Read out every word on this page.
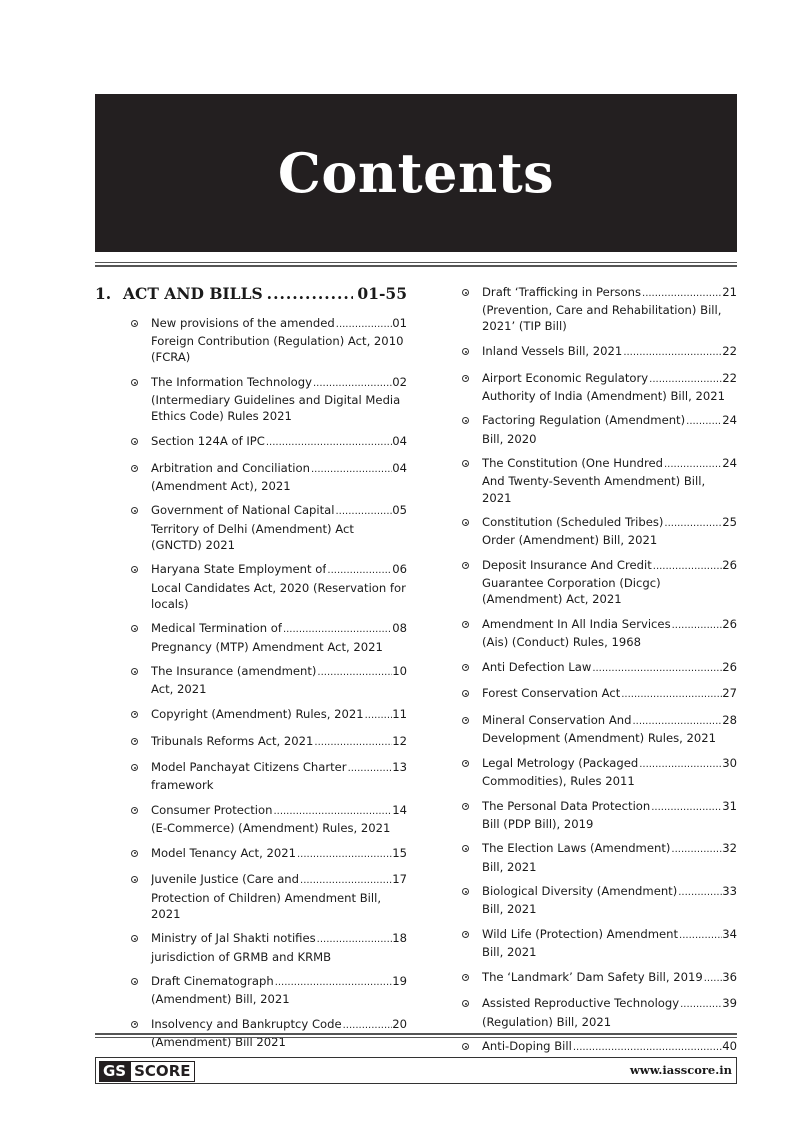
Contents
1. ACT AND BILLS .....	01-55
New provisions of the amended .....	01
Foreign Contribution (Regulation) Act, 2010 (FCRA)
The Information Technology .....	02
(Intermediary Guidelines and Digital Media Ethics Code) Rules 2021
Section 124A of IPC .....	04
Arbitration and Conciliation .....	04
(Amendment Act), 2021
Government of National Capital .....	05
Territory of Delhi (Amendment) Act (GNCTD) 2021
Haryana State Employment of .....	06
Local Candidates Act, 2020 (Reservation for locals)
Medical Termination of .....	08
Pregnancy (MTP) Amendment Act, 2021
The Insurance (amendment) .....	10
Act, 2021
Copyright (Amendment) Rules, 2021 ..... 11
Tribunals Reforms Act, 2021 .....	12
Model Panchayat Citizens Charter .....	13
framework
Consumer Protection .....	14
(E-Commerce) (Amendment) Rules, 2021
Model Tenancy Act, 2021 .....	15
Juvenile Justice (Care and .....	17
Protection of Children) Amendment Bill, 2021
Ministry of Jal Shakti notifies .....	18
jurisdiction of GRMB and KRMB
Draft Cinematograph .....	19
(Amendment) Bill, 2021
Insolvency and Bankruptcy Code .....	20
(Amendment) Bill 2021
Draft ‘Trafficking in Persons .....	21
(Prevention, Care and Rehabilitation) Bill, 2021’ (TIP Bill)
Inland Vessels Bill, 2021 .....	22
Airport Economic Regulatory .....	22
Authority of India (Amendment) Bill, 2021
Factoring Regulation (Amendment) .....	24
Bill, 2020
The Constitution (One Hundred .....	24
And Twenty-Seventh Amendment) Bill, 2021
Constitution (Scheduled Tribes) .....	25
Order (Amendment) Bill, 2021
Deposit Insurance And Credit .....	26
Guarantee Corporation (Dicgc) (Amendment) Act, 2021
Amendment In All India Services .....	26
(Ais) (Conduct) Rules, 1968
Anti Defection Law .....	26
Forest Conservation Act .....	27
Mineral Conservation And .....	28
Development (Amendment) Rules, 2021
Legal Metrology (Packaged .....	30
Commodities), Rules 2011
The Personal Data Protection .....	31
Bill (PDP Bill), 2019
The Election Laws (Amendment) .....	32
Bill, 2021
Biological Diversity (Amendment) .....	33
Bill, 2021
Wild Life (Protection) Amendment .....	34
Bill, 2021
The ‘Landmark’ Dam Safety Bill, 2019 ..... 36
Assisted Reproductive Technology .....	39
(Regulation) Bill, 2021
Anti-Doping Bill .....	40
GS SCORE	www.iasscore.in
